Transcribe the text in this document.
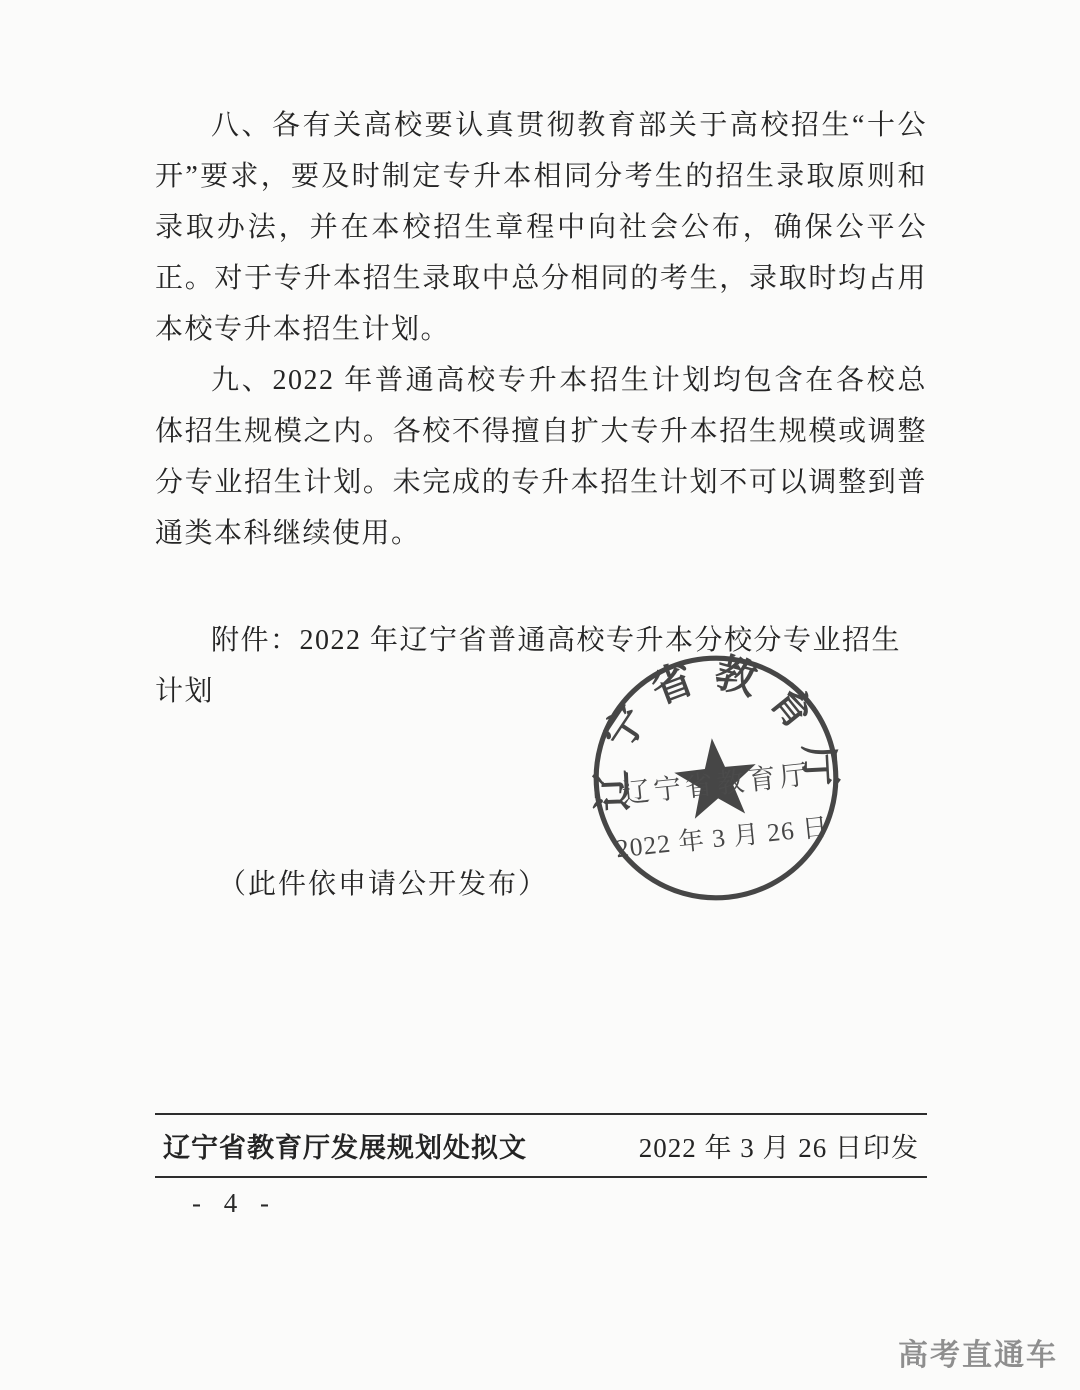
八、各有关高校要认真贯彻教育部关于高校招生“十公开”要求，要及时制定专升本相同分考生的招生录取原则和录取办法，并在本校招生章程中向社会公布，确保公平公正。对于专升本招生录取中总分相同的考生，录取时均占用本校专升本招生计划。

九、2022 年普通高校专升本招生计划均包含在各校总体招生规模之内。各校不得擅自扩大专升本招生规模或调整分专业招生计划。未完成的专升本招生计划不可以调整到普通类本科继续使用。

附件：2022 年辽宁省普通高校专升本分校分专业招生计划

辽宁省教育厅
辽宁省教育厅
2022 年 3 月 26 日

（此件依申请公开发布）

辽宁省教育厅发展规划处拟文	2022 年 3 月 26 日印发
- 4 -
高考直通车
